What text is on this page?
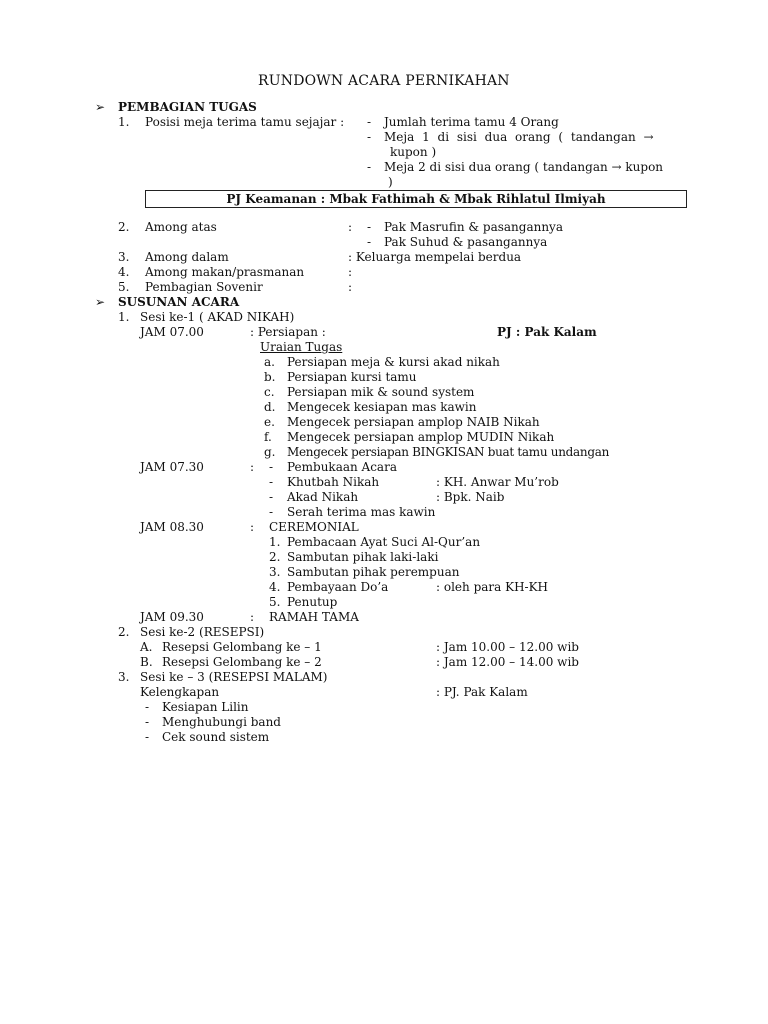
RUNDOWN ACARA PERNIKAHAN
➢ PEMBAGIAN TUGAS
1. Posisi meja terima tamu sejajar : - Jumlah terima tamu 4 Orang
- Meja 1 di sisi dua orang ( tandangan →
kupon )
- Meja 2 di sisi dua orang ( tandangan → kupon
)
PJ Keamanan : Mbak Fathimah & Mbak Rihlatul Ilmiyah
2. Among atas	: - Pak Masrufin & pasangannya
- Pak Suhud & pasangannya
3. Among dalam	: Keluarga mempelai berdua
4. Among makan/prasmanan	:
5. Pembagian Sovenir	:
➢ SUSUNAN ACARA
1. Sesi ke-1 ( AKAD NIKAH)
JAM 07.00	: Persiapan :	PJ : Pak Kalam
Uraian Tugas
a. Persiapan meja & kursi akad nikah
b. Persiapan kursi tamu
c. Persiapan mik & sound system
d. Mengecek kesiapan mas kawin
e. Mengecek persiapan amplop NAIB Nikah
f. Mengecek persiapan amplop MUDIN Nikah
g. Mengecek persiapan BINGKISAN buat tamu undangan
JAM 07.30	: - Pembukaan Acara
- Khutbah Nikah	: KH. Anwar Mu’rob
- Akad Nikah	: Bpk. Naib
- Serah terima mas kawin
JAM 08.30	: CEREMONIAL
1. Pembacaan Ayat Suci Al-Qur’an
2. Sambutan pihak laki-laki
3. Sambutan pihak perempuan
4. Pembayaan Do’a	: oleh para KH-KH
5. Penutup
JAM 09.30	: RAMAH TAMA
2. Sesi ke-2 (RESEPSI)
A. Resepsi Gelombang ke – 1	: Jam 10.00 – 12.00 wib
B. Resepsi Gelombang ke – 2	: Jam 12.00 – 14.00 wib
3. Sesi ke – 3 (RESEPSI MALAM)
Kelengkapan	: PJ. Pak Kalam
- Kesiapan Lilin
- Menghubungi band
- Cek sound sistem
